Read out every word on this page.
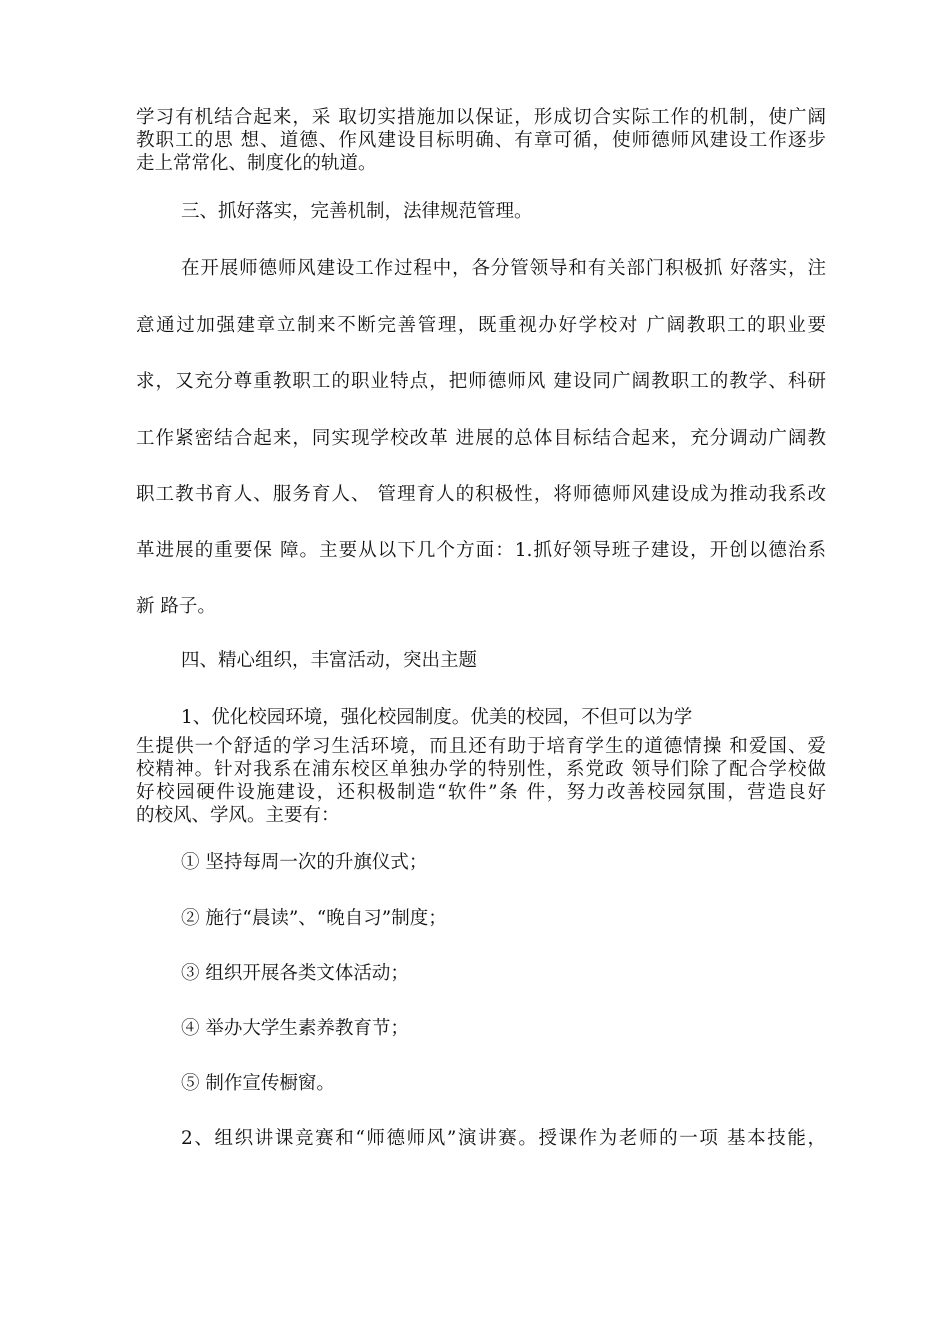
学习有机结合起来，采 取切实措施加以保证，形成切合实际工作的机制，使广阔

教职工的思 想、道德、作风建设目标明确、有章可循，使师德师风建设工作逐步

走上常常化、制度化的轨道。

三、抓好落实，完善机制，法律规范管理。

在开展师德师风建设工作过程中，各分管领导和有关部门积极抓 好落实，注

意通过加强建章立制来不断完善管理，既重视办好学校对 广阔教职工的职业要

求，又充分尊重教职工的职业特点，把师德师风 建设同广阔教职工的教学、科研

工作紧密结合起来，同实现学校改革 进展的总体目标结合起来，充分调动广阔教

职工教书育人、服务育人、 管理育人的积极性，将师德师风建设成为推动我系改

革进展的重要保 障。主要从以下几个方面：1.抓好领导班子建设，开创以德治系

新 路子。

四、精心组织，丰富活动，突出主题

1、优化校园环境，强化校园制度。优美的校园，不但可以为学

生提供一个舒适的学习生活环境，而且还有助于培育学生的道德情操 和爱国、爱

校精神。针对我系在浦东校区单独办学的特别性，系党政 领导们除了配合学校做

好校园硬件设施建设，还积极制造“软件”条 件，努力改善校园氛围，营造良好

的校风、学风。主要有：

① 坚持每周一次的升旗仪式；

② 施行“晨读”、“晚自习”制度；

③ 组织开展各类文体活动；

④ 举办大学生素养教育节；

⑤ 制作宣传橱窗。

2、组织讲课竞赛和“师德师风”演讲赛。授课作为老师的一项 基本技能，
